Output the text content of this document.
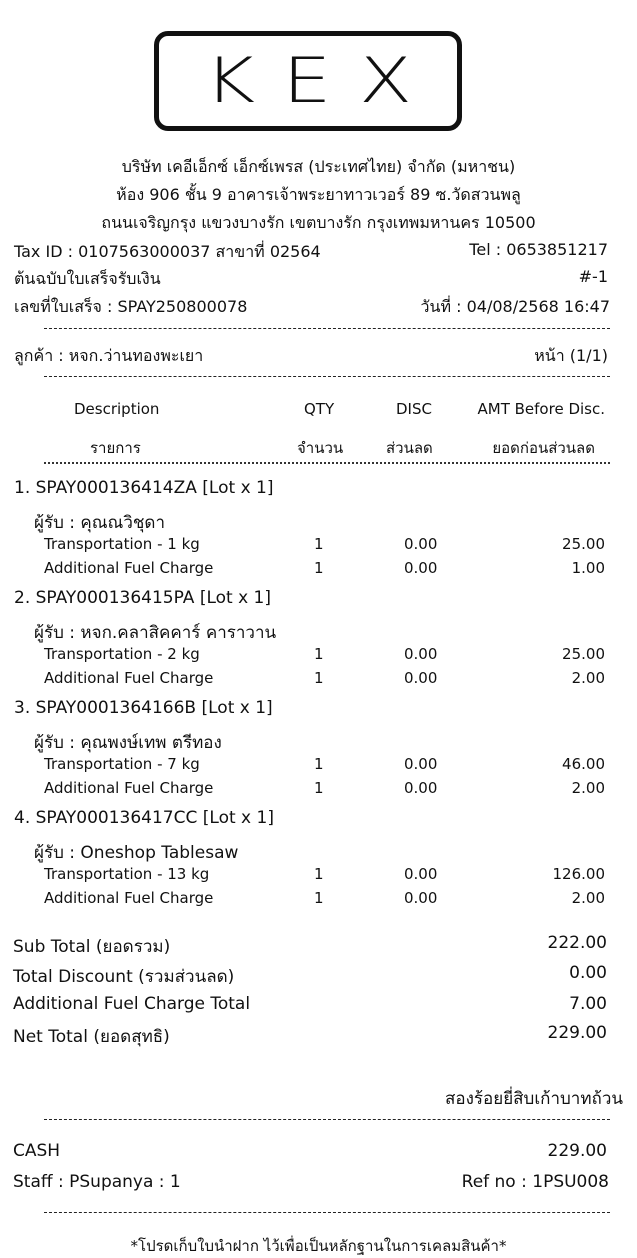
KEX
บริษัท เคอีเอ็กซ์ เอ็กซ์เพรส (ประเทศไทย) จำกัด (มหาชน)
ห้อง 906 ชั้น 9 อาคารเจ้าพระยาทาวเวอร์ 89 ซ.วัดสวนพลู
ถนนเจริญกรุง แขวงบางรัก เขตบางรัก กรุงเทพมหานคร 10500
Tax ID : 0107563000037 สาขาที่ 02564	Tel : 0653851217
ต้นฉบับใบเสร็จรับเงิน	#-1
เลขที่ใบเสร็จ : SPAY250800078	วันที่ : 04/08/2568 16:47
ลูกค้า : หจก.ว่านทองพะเยา	หน้า (1/1)
Description	QTY	DISC	AMT Before Disc.
รายการ	จำนวน	ส่วนลด	ยอดก่อนส่วนลด
1. SPAY000136414ZA [Lot x 1]
ผู้รับ : คุณณวิชุดา
Transportation - 1 kg	1	0.00	25.00
Additional Fuel Charge	1	0.00	1.00
2. SPAY000136415PA [Lot x 1]
ผู้รับ : หจก.คลาสิคคาร์ คาราวาน
Transportation - 2 kg	1	0.00	25.00
Additional Fuel Charge	1	0.00	2.00
3. SPAY0001364166B [Lot x 1]
ผู้รับ : คุณพงษ์เทพ ตรีทอง
Transportation - 7 kg	1	0.00	46.00
Additional Fuel Charge	1	0.00	2.00
4. SPAY000136417CC [Lot x 1]
ผู้รับ : Oneshop Tablesaw
Transportation - 13 kg	1	0.00	126.00
Additional Fuel Charge	1	0.00	2.00
Sub Total (ยอดรวม)	222.00
Total Discount (รวมส่วนลด)	0.00
Additional Fuel Charge Total	7.00
Net Total (ยอดสุทธิ)	229.00
สองร้อยยี่สิบเก้าบาทถ้วน
CASH	229.00
Staff : PSupanya : 1	Ref no : 1PSU008
*โปรดเก็บใบนำฝาก ไว้เพื่อเป็นหลักฐานในการเคลมสินค้า*
